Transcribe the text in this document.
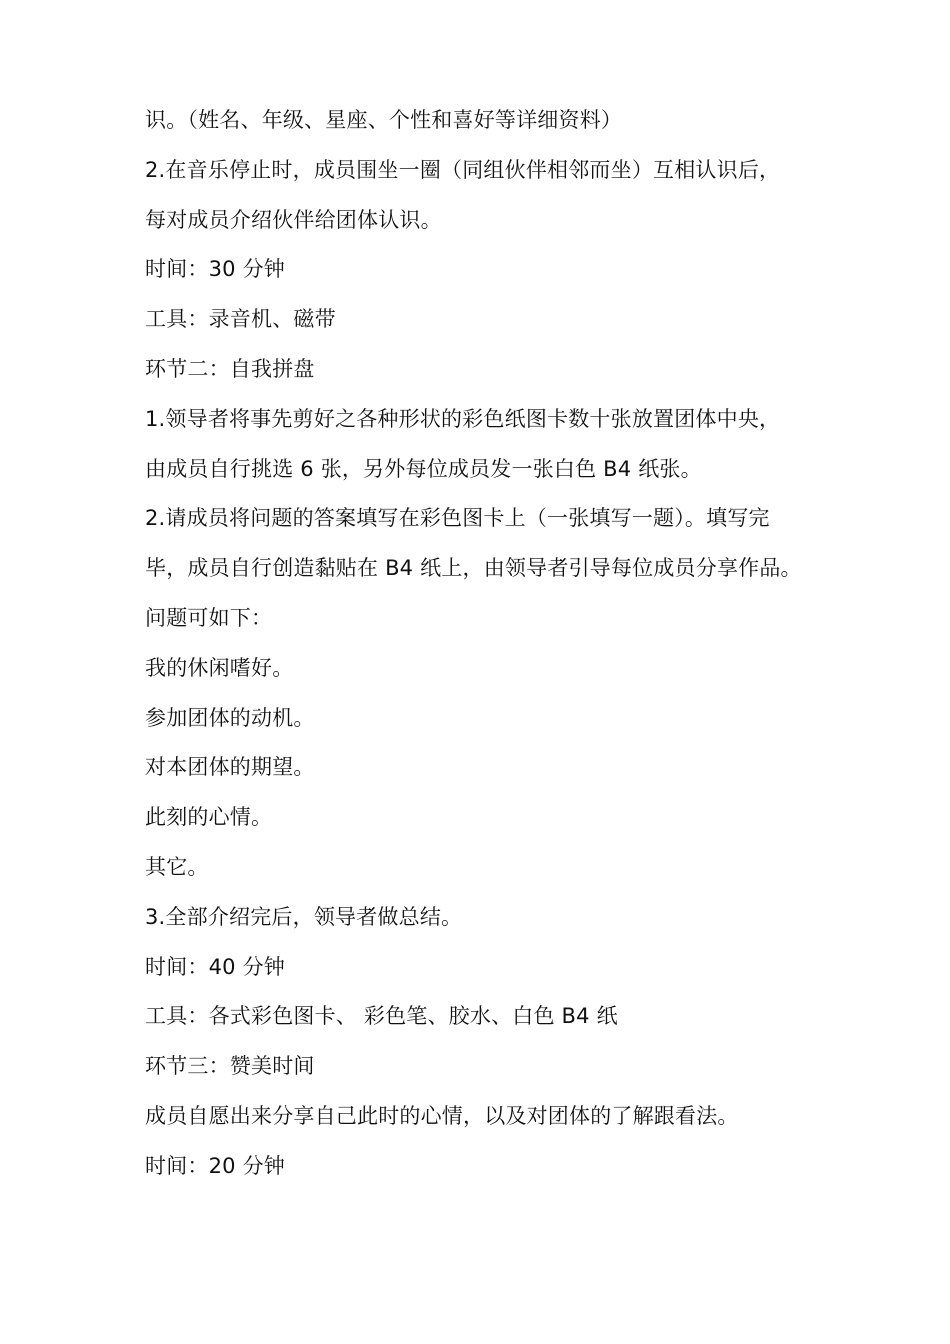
识。（姓名、年级、星座、个性和喜好等详细资料）
2.在音乐停止时，成员围坐一圈（同组伙伴相邻而坐）互相认识后，
每对成员介绍伙伴给团体认识。
时间：30 分钟
工具：录音机、磁带
环节二：自我拼盘
1.领导者将事先剪好之各种形状的彩色纸图卡数十张放置团体中央，
由成员自行挑选 6 张，另外每位成员发一张白色 B4 纸张。
2.请成员将问题的答案填写在彩色图卡上（一张填写一题）。填写完
毕，成员自行创造黏贴在 B4 纸上，由领导者引导每位成员分享作品。
问题可如下：
我的休闲嗜好。
参加团体的动机。
对本团体的期望。
此刻的心情。
其它。
3.全部介绍完后，领导者做总结。
时间：40 分钟
工具：各式彩色图卡、 彩色笔、胶水、白色 B4 纸
环节三：赞美时间
成员自愿出来分享自己此时的心情，以及对团体的了解跟看法。
时间：20 分钟
